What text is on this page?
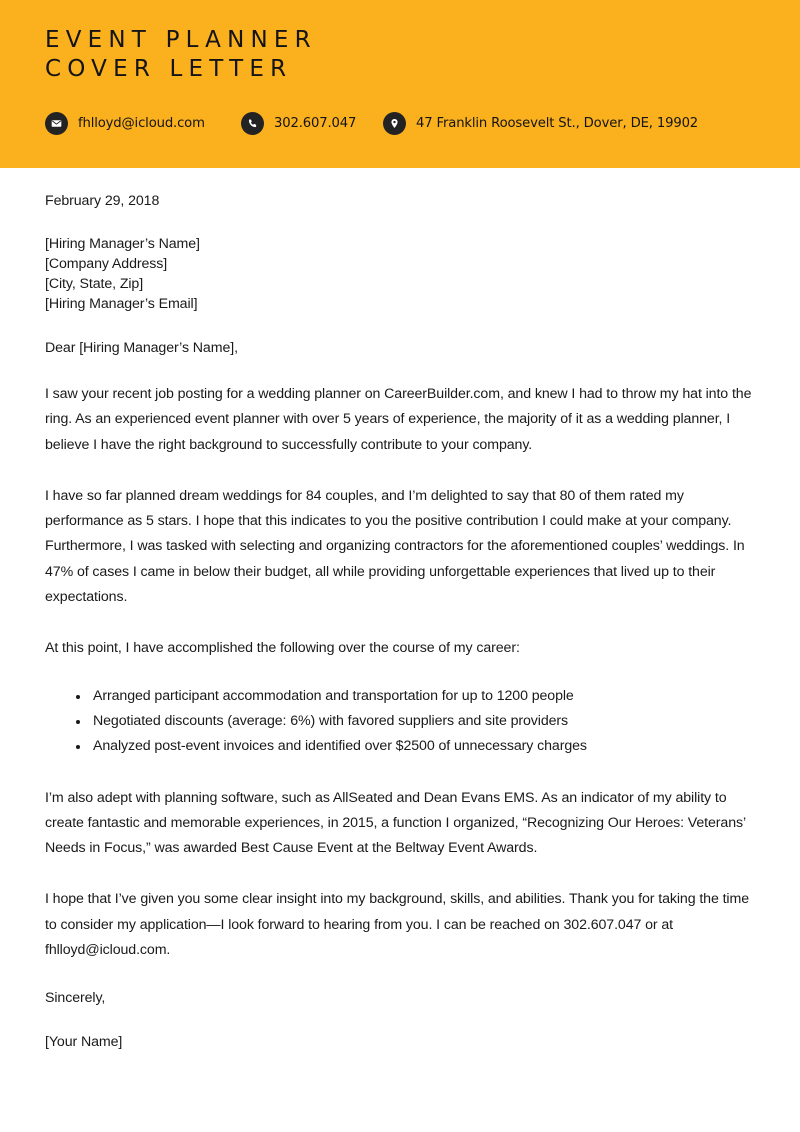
EVENT PLANNER
COVER LETTER
fhlloyd@icloud.com	302.607.047	47 Franklin Roosevelt St., Dover, DE, 19902
February 29, 2018
[Hiring Manager’s Name]
[Company Address]
[City, State, Zip]
[Hiring Manager’s Email]
Dear [Hiring Manager’s Name],

I saw your recent job posting for a wedding planner on CareerBuilder.com, and knew I had to throw my hat into the ring. As an experienced event planner with over 5 years of experience, the majority of it as a wedding planner, I believe I have the right background to successfully contribute to your company.

I have so far planned dream weddings for 84 couples, and I’m delighted to say that 80 of them rated my performance as 5 stars. I hope that this indicates to you the positive contribution I could make at your company. Furthermore, I was tasked with selecting and organizing contractors for the aforementioned couples’ weddings. In 47% of cases I came in below their budget, all while providing unforgettable experiences that lived up to their expectations.

At this point, I have accomplished the following over the course of my career:

Arranged participant accommodation and transportation for up to 1200 people
Negotiated discounts (average: 6%) with favored suppliers and site providers
Analyzed post-event invoices and identified over $2500 of unnecessary charges

I’m also adept with planning software, such as AllSeated and Dean Evans EMS. As an indicator of my ability to create fantastic and memorable experiences, in 2015, a function I organized, “Recognizing Our Heroes: Veterans’ Needs in Focus,” was awarded Best Cause Event at the Beltway Event Awards.

I hope that I’ve given you some clear insight into my background, skills, and abilities. Thank you for taking the time to consider my application—I look forward to hearing from you. I can be reached on 302.607.047 or at fhlloyd@icloud.com.

Sincerely,
[Your Name]
